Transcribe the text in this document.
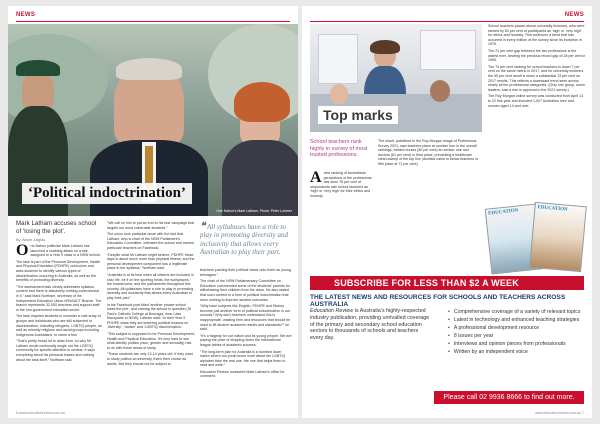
NEWS
‘Political indoctrination’
One Nation’s Mark Latham. Photo: Peter Lorimer
Mark Latham accuses school of ‘losing the plot’.
By Wade Zaglas

One Nation politician Mark Latham has launched a scathing attack on a talk assigned to a Year 9 class in a NSW school.

The task is part of the Personal Development, Health and Physical Education (PDHPE) curriculum and asks students to identify various types of discrimination occurring in Australia, as well as the benefits of promoting diversity.

“The assessment task clearly addresses syllabus content and there is absolutely nothing controversial in it,” said Mark Northam, secretary of the Independent Education Union NSW/ACT Branch. The branch represents 32,000 teachers and support staff in the non-government education sector.

The task requires students to consider a vast array of groups and individuals who are still subjected to discrimination, including refugees, LGBTIQ people, as well as minority religious and racial groups including Indigenous Australians, to name a few.

“That’s pretty broad lot to draw from, so why Mr Latham would continually single out the LGBTIQ community for specific attention is unclear. It says everything about his personal biases and nothing about the task itself,” Northam said.

“We call on him to put an end to his fear campaign that targets our most vulnerable students.”

The union took particular issue with the fact that Latham, who is chair of the NSW Parliament’s Education Committee, criticised the school and named particular teachers on Facebook.

“Despite what Mr Latham might believe, PDHPE these days is about much more than physical fitness, and the personal development component has a legitimate place in the syllabus,” Northam said.

“Australia is at its best when all citizens are included in civic life, be it on the sporting fields, the workplaces, the boardrooms, and the parliaments throughout this country. All syllabuses have a role to play in promoting diversity and inclusivity that allows every Australian to play their part.”

In his Facebook post titled ‘another private school loses the plot’, and naming the school in question (St Paul’s Catholic College at Booragul, near Lake Macquarie in NSW), Latham said: “In their Year 9 PDHPE class they are teaching political lessons on ‘diversity’, ‘racism’ and ‘LGBTIQ discrimination’.

“This subject is supposed to be Personal Development, Health and Physical Education. It’s very hard to see what identity politics (race, gender and sexuality) has to do with these areas of study.

“These students are only 13-14 years old. If they want to study politics at university, that’s their choice as adults. But they should not be subject to

❝ All syllabuses have a role to play in promoting diversity and inclusivity that allows every Australian to play their part.

teachers pushing their political views onto them as young teenagers.”

The chair of the NSW Parliamentary Committee on Education commended some of the students’ parents for withdrawing their children from the class. He also stated that such content is a form of political indoctrination that does nothing to improve student outcomes.

“Why have subjects like English, PDHPE and History become just another form of political indoctrination in our schools? Why don’t teachers understand this is inappropriate, wasting time and resources that should be used to lift student academic results and standards?” he said.

“It’s a tragedy for our nation and its young people. We are paying the price of dropping down the international league tables of academic success.

“The long-term plan for Australia is a dumbed down nation where our youth know more about the LGBTIQ alphabet than the real one, the one that helps them to read and write.”

Education Review contacted Mark Latham’s office for comment.

6 www.educationreview.com.au
NEWS
Top marks
School teachers rank highly in survey of most trusted professions.

Anew ranking of Australians’ perceptions of the professions has seen 76 per cent of respondents rate school teachers as ‘high’ or ‘very high’ for their ethics and honesty.

The result, published in the Roy Morgan Image of Professions Survey 2021, saw teachers place at number four in the overall rankings, behind nurses (80 per cent) at number one and doctors (81 per cent) in third place, preventing a healthcare clean-sweep of the top five (dentists came in below teachers in fifth place at 71 per cent).

School teachers placed above university lecturers, who were ranked by 63 per cent of participants as ‘high’ or ‘very high’ for ethics and honesty. This continues a trend that has occurred in every edition of the survey since its inception in 1976.

The 21 per cent gap between the two professions is the widest ever, beating the previous record gap of 18 per cent in 1995.

The 74 per cent ranking for school teachers is down 7 per cent on the same metric in 2017, and for university lecturers the 55 per cent result is down a substantial 13 per cent on 2017 results. This reflects a downward trend seen across nearly all the professional categories. (Only one group, union leaders, saw a rise in approval in the 2021 survey.)

The Roy Morgan online survey was conducted from April 13 to 22 this year and included 1,007 Australian men and women aged 14 and over.

EDUCATION	EDUCATION
SUBSCRIBE FOR LESS THAN $2 A WEEK
THE LATEST NEWS AND RESOURCES FOR SCHOOLS AND TEACHERS ACROSS AUSTRALIA
Education Review is Australia’s highly-respected industry publication, providing unrivalled coverage of the primary and secondary school education sectors to thousands of schools and teachers every day.
• Comprehensive coverage of a variety of relevant topics
• Latest in technology and enhanced teaching strategies
• A professional development resource
• 8 issues per year
• Interviews and opinion pieces from professionals
• Written by an independent voice
Please call 02 9936 8666 to find out more.
www.educationreview.com.au 7
